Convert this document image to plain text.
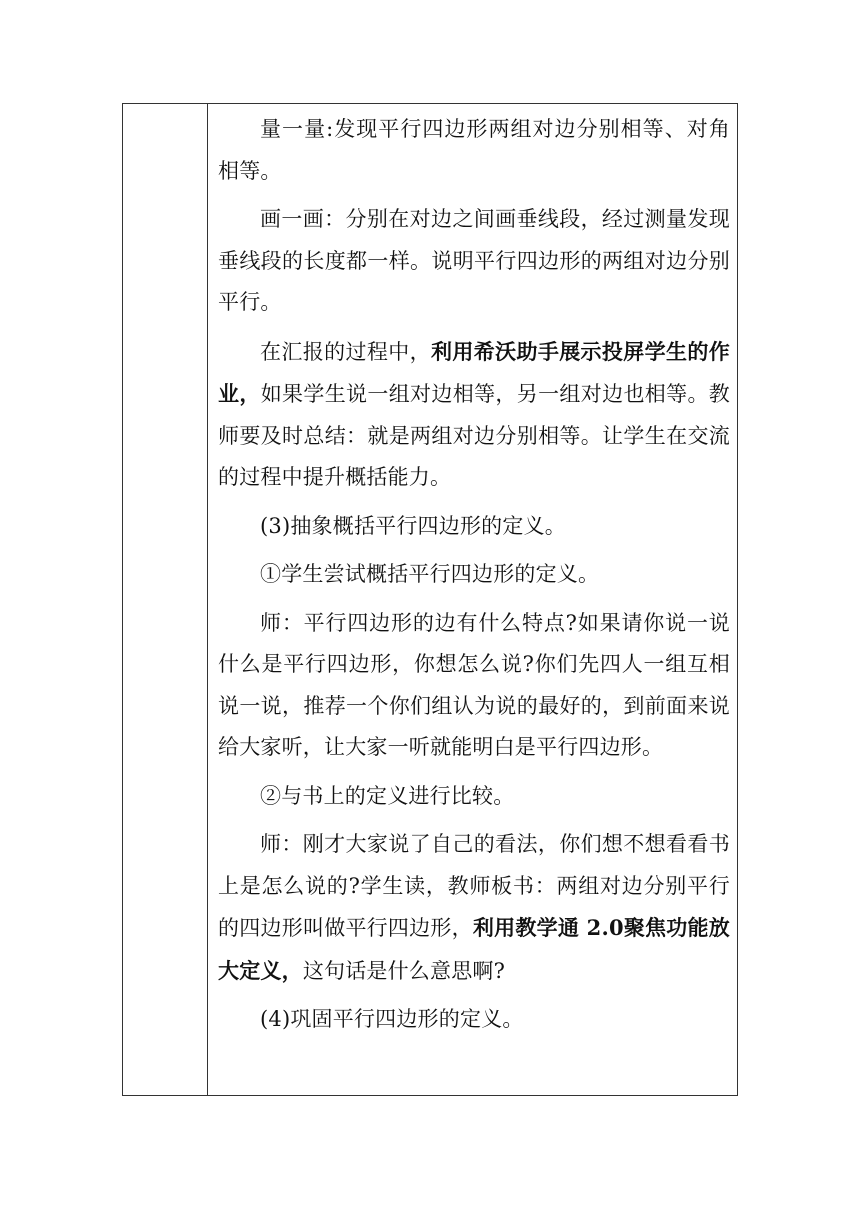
量一量:发现平行四边形两组对边分别相等、对角相等。

画一画：分别在对边之间画垂线段，经过测量发现垂线段的长度都一样。说明平行四边形的两组对边分别平行。

在汇报的过程中，利用希沃助手展示投屏学生的作业，如果学生说一组对边相等，另一组对边也相等。教师要及时总结：就是两组对边分别相等。让学生在交流的过程中提升概括能力。

(3)抽象概括平行四边形的定义。

①学生尝试概括平行四边形的定义。

师：平行四边形的边有什么特点?如果请你说一说什么是平行四边形，你想怎么说?你们先四人一组互相说一说，推荐一个你们组认为说的最好的，到前面来说给大家听，让大家一听就能明白是平行四边形。

②与书上的定义进行比较。

师：刚才大家说了自己的看法，你们想不想看看书上是怎么说的?学生读，教师板书：两组对边分别平行的四边形叫做平行四边形，利用教学通 2.0聚焦功能放大定义，这句话是什么意思啊?

(4)巩固平行四边形的定义。
